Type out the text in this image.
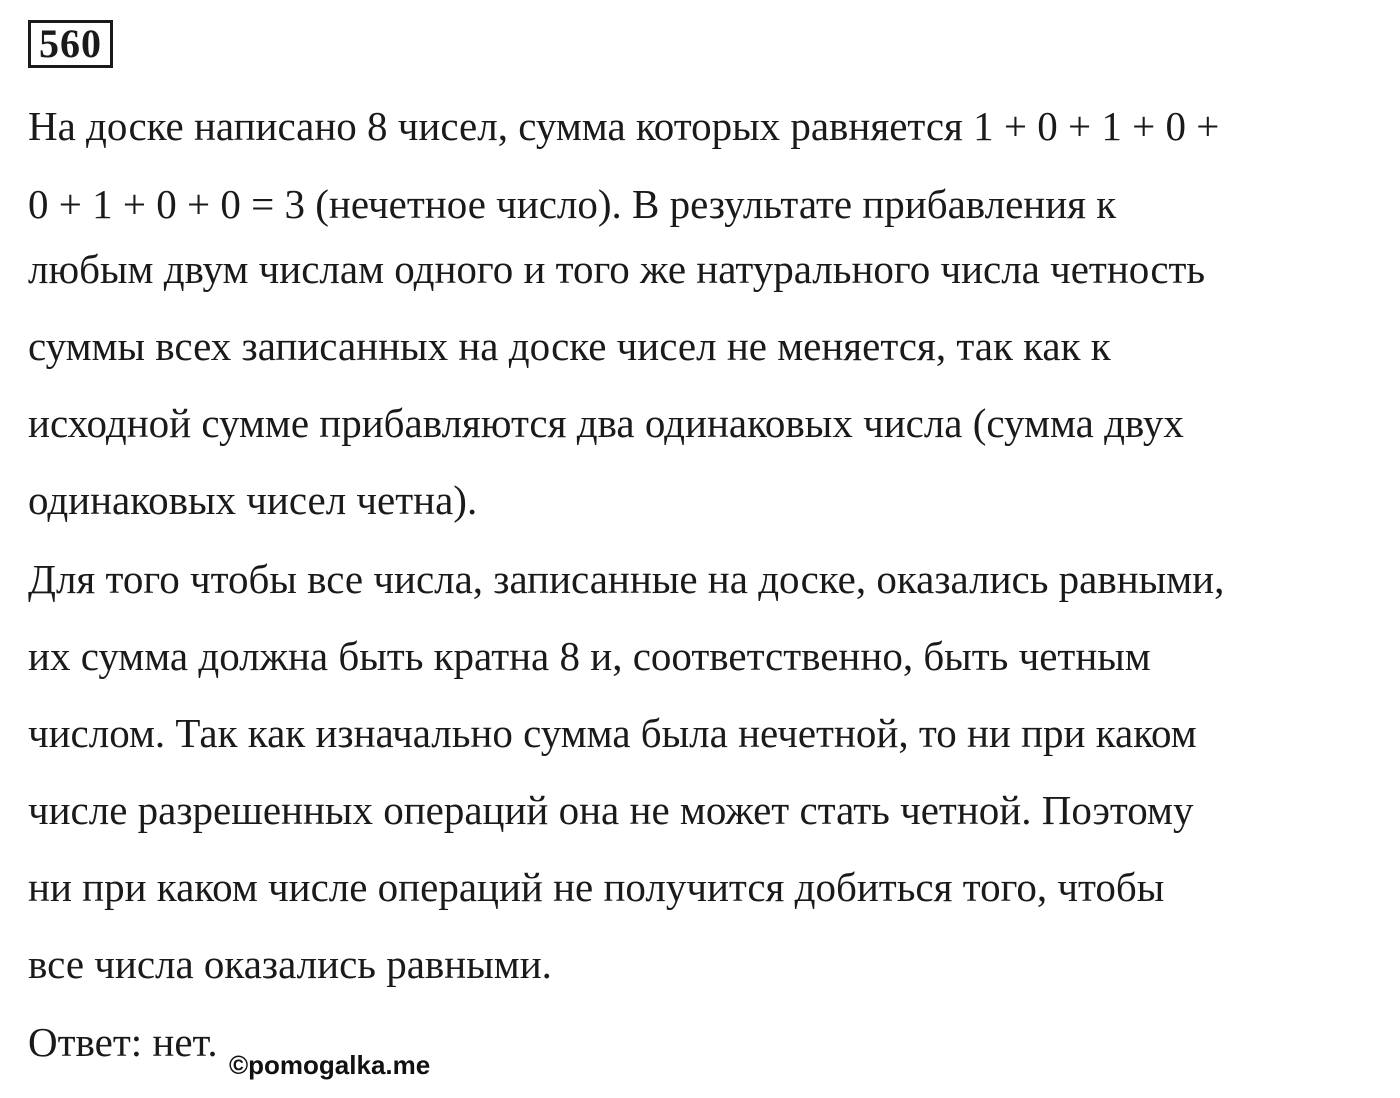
560
На доске написано 8 чисел, сумма которых равняется 1 + 0 + 1 + 0 +
0 + 1 + 0 + 0 = 3 (нечетное число). В результате прибавления к
любым двум числам одного и того же натурального числа четность
суммы всех записанных на доске чисел не меняется, так как к
исходной сумме прибавляются два одинаковых числа (сумма двух
одинаковых чисел четна).
Для того чтобы все числа, записанные на доске, оказались равными,
их сумма должна быть кратна 8 и, соответственно, быть четным
числом. Так как изначально сумма была нечетной, то ни при каком
числе разрешенных операций она не может стать четной. Поэтому
ни при каком числе операций не получится добиться того, чтобы
все числа оказались равными.
Ответ: нет. ©pomogalka.me
